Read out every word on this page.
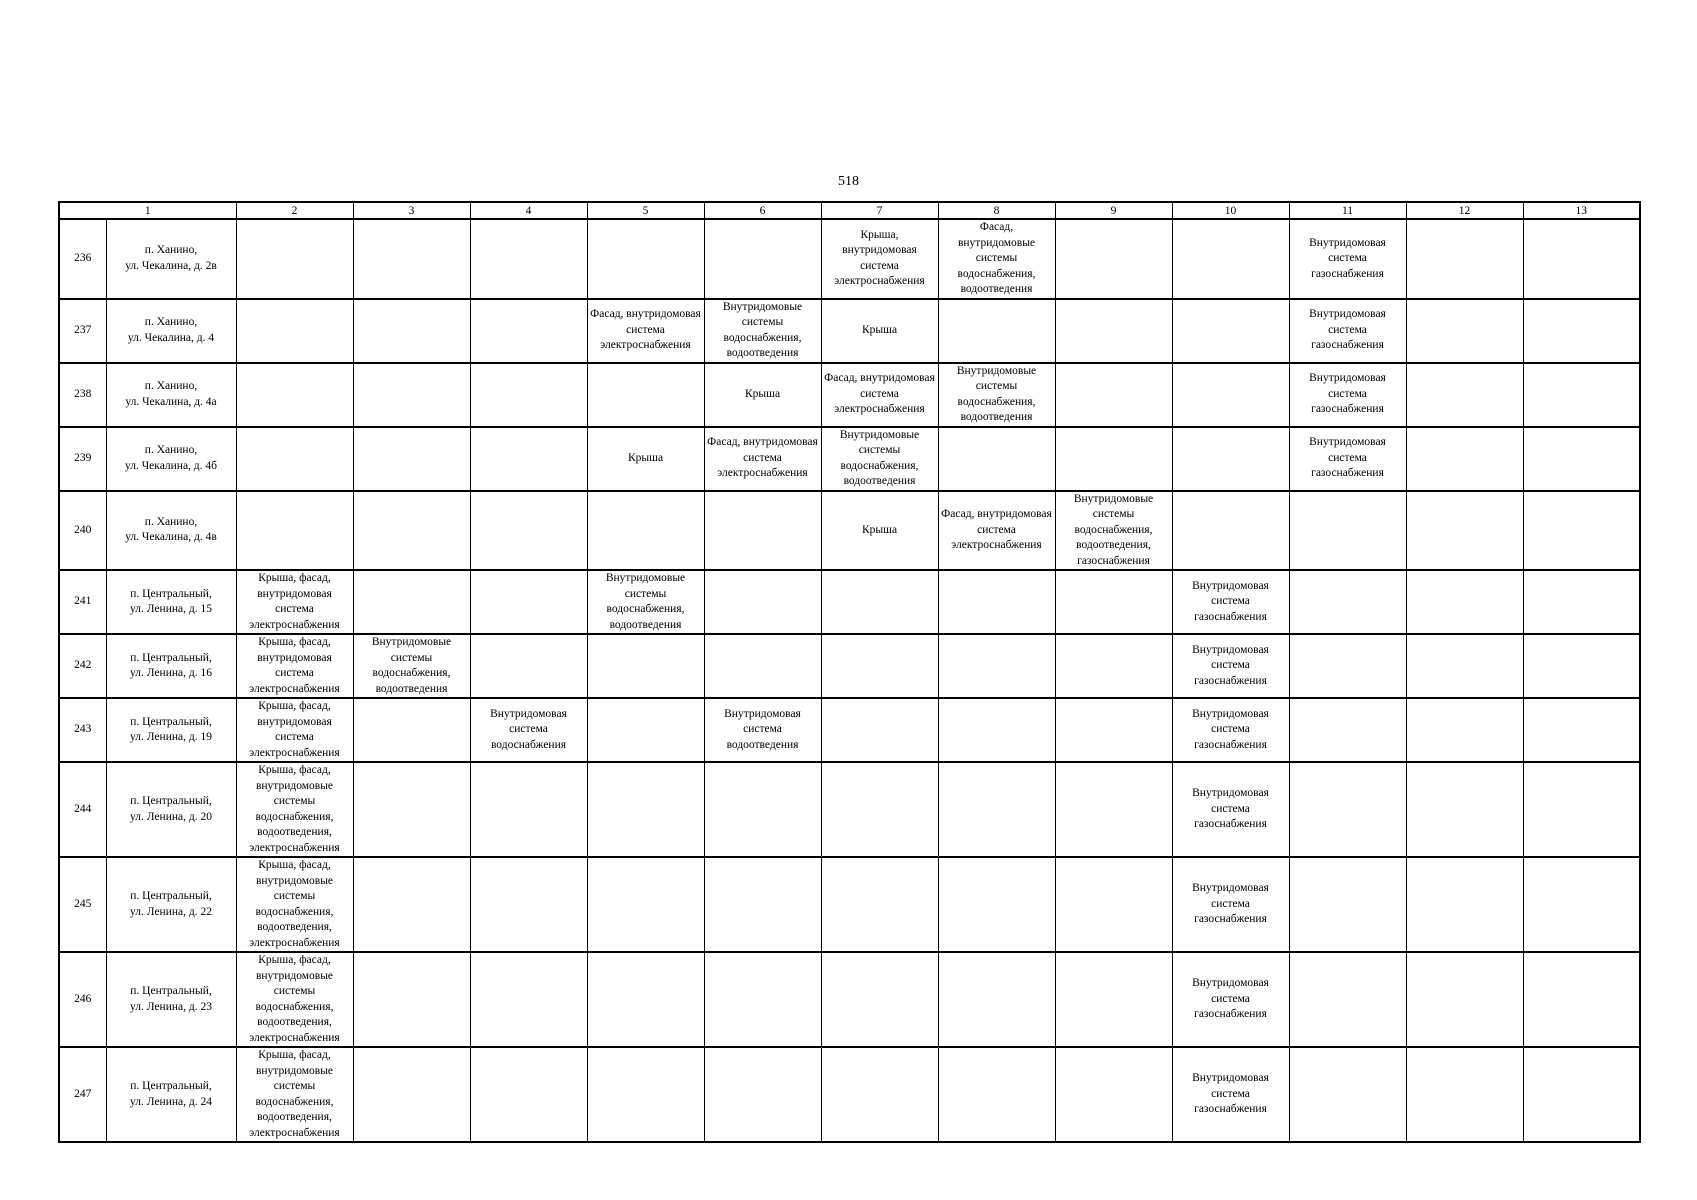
518
1		2	3	4	5	6	7	8	9	10	11	12	13
236	п. Ханино,
ул. Чекалина, д. 2в						Крыша, внутридомовая система электроснабжения	Фасад, внутридомовые системы водоснабжения, водоотведения			Внутридомовая система газоснабжения		
237	п. Ханино,
ул. Чекалина, д. 4				Фасад, внутридомовая система электроснабжения	Внутридомовые системы водоснабжения, водоотведения	Крыша				Внутридомовая система газоснабжения		
238	п. Ханино,
ул. Чекалина, д. 4а					Крыша	Фасад, внутридомовая система электроснабжения	Внутридомовые системы водоснабжения, водоотведения			Внутридомовая система газоснабжения		
239	п. Ханино,
ул. Чекалина, д. 4б				Крыша	Фасад, внутридомовая система электроснабжения	Внутридомовые системы водоснабжения, водоотведения				Внутридомовая система газоснабжения		
240	п. Ханино,
ул. Чекалина, д. 4в						Крыша	Фасад, внутридомовая система электроснабжения	Внутридомовые системы водоснабжения, водоотведения, газоснабжения				
241	п. Центральный,
ул. Ленина, д. 15	Крыша, фасад, внутридомовая система электроснабжения			Внутридомовые системы водоснабжения, водоотведения					Внутридомовая система газоснабжения			
242	п. Центральный,
ул. Ленина, д. 16	Крыша, фасад, внутридомовая система электроснабжения	Внутридомовые системы водоснабжения, водоотведения							Внутридомовая система газоснабжения			
243	п. Центральный,
ул. Ленина, д. 19	Крыша, фасад, внутридомовая система электроснабжения		Внутридомовая система водоснабжения		Внутридомовая система водоотведения				Внутридомовая система газоснабжения			
244	п. Центральный,
ул. Ленина, д. 20	Крыша, фасад, внутридомовые системы водоснабжения, водоотведения, электроснабжения								Внутридомовая система газоснабжения			
245	п. Центральный,
ул. Ленина, д. 22	Крыша, фасад, внутридомовые системы водоснабжения, водоотведения, электроснабжения								Внутридомовая система газоснабжения			
246	п. Центральный,
ул. Ленина, д. 23	Крыша, фасад, внутридомовые системы водоснабжения, водоотведения, электроснабжения								Внутридомовая система газоснабжения			
247	п. Центральный,
ул. Ленина, д. 24	Крыша, фасад, внутридомовые системы водоснабжения, водоотведения, электроснабжения								Внутридомовая система газоснабжения			
